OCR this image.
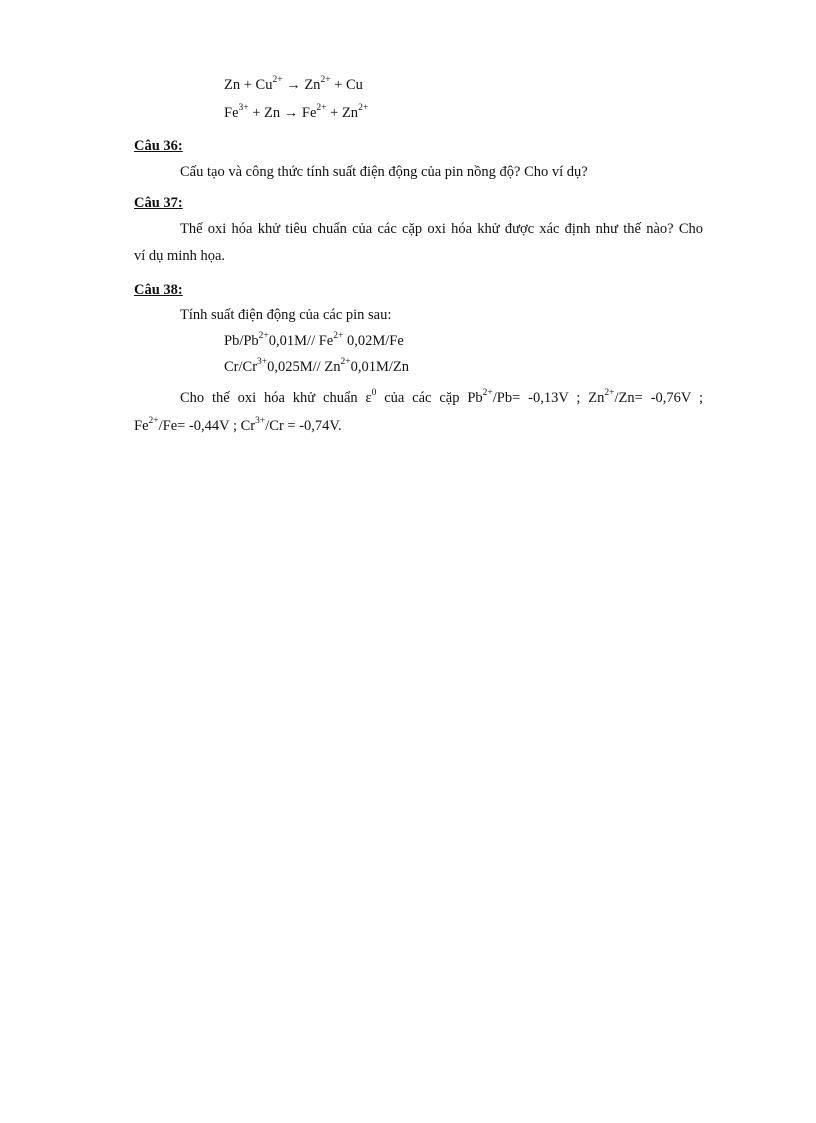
$Zn + Cu^{2+} \to Zn^{2+} + Cu$
$Fe^{3+} + Zn \to Fe^{2+} + Zn^{2+}$
Câu 36:
Cấu tạo và công thức tính suất điện động của pin nồng độ? Cho ví dụ?
Câu 37:
Thế oxi hóa khử tiêu chuẩn của các cặp oxi hóa khử được xác định như thế nào? Cho
ví dụ minh họa.
Câu 38:
Tính suất điện động của các pin sau:
$Pb/Pb^{2+}0,01M//$ $Fe^{2+}$ 0,02M/Fe
$Cr/Cr^{3+}0,025M//$ $Zn^{2+}0,01M/Zn$
Cho thế oxi hóa khử chuẩn $\varepsilon^0$ của các cặp $Pb^{2+}/Pb= -0,13V$ ; $Zn^{2+}/Zn= -0,76V$ ;
$Fe^{2+}/Fe= -0,44V$ ; $Cr^{3+}/Cr = -0,74V$.
